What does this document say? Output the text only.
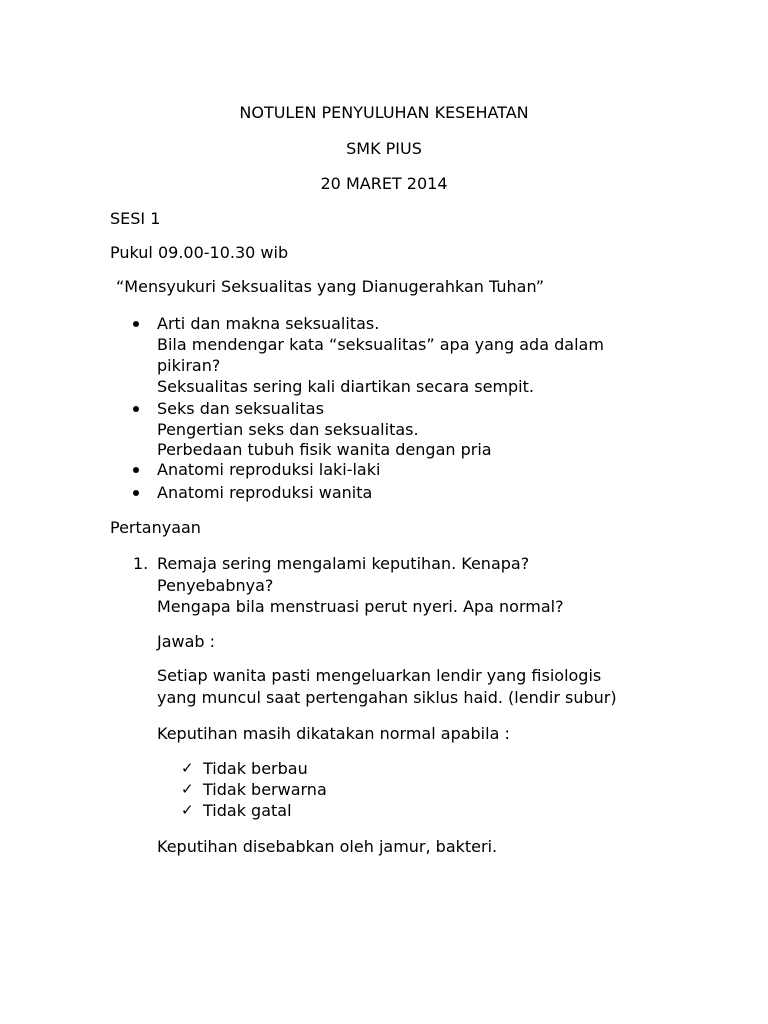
NOTULEN PENYULUHAN KESEHATAN
SMK PIUS
20 MARET 2014
SESI 1
Pukul 09.00-10.30 wib
“Mensyukuri Seksualitas yang Dianugerahkan Tuhan”
Arti dan makna seksualitas.
Bila mendengar kata “seksualitas” apa yang ada dalam
pikiran?
Seksualitas sering kali diartikan secara sempit.
Seks dan seksualitas
Pengertian seks dan seksualitas.
Perbedaan tubuh fisik wanita dengan pria
Anatomi reproduksi laki-laki
Anatomi reproduksi wanita
Pertanyaan
1. Remaja sering mengalami keputihan. Kenapa?
Penyebabnya?
Mengapa bila menstruasi perut nyeri. Apa normal?
Jawab :
Setiap wanita pasti mengeluarkan lendir yang fisiologis
yang muncul saat pertengahan siklus haid. (lendir subur)
Keputihan masih dikatakan normal apabila :
✓ Tidak berbau
✓ Tidak berwarna
✓ Tidak gatal
Keputihan disebabkan oleh jamur, bakteri.
